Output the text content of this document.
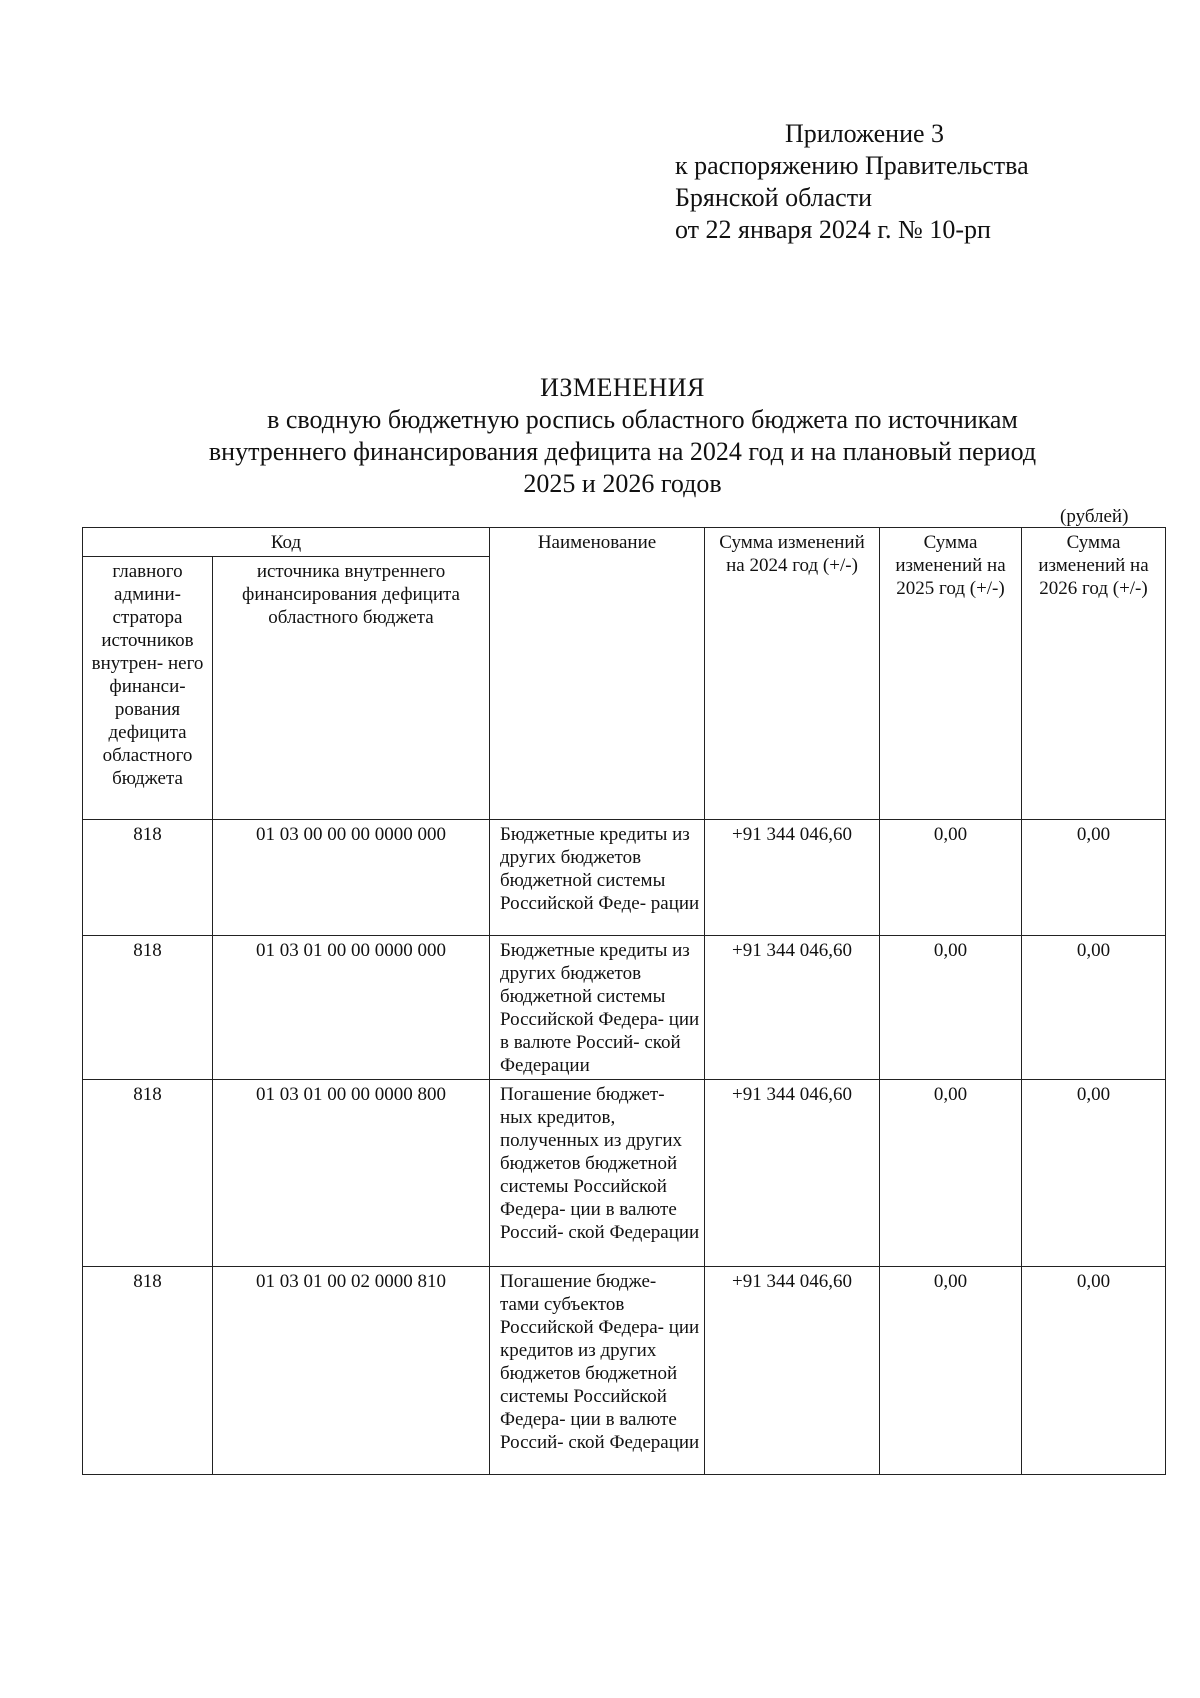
Приложение 3
к распоряжению Правительства
Брянской области
от 22 января 2024 г. № 10-рп
ИЗМЕНЕНИЯ
в сводную бюджетную роспись областного бюджета по источникам
внутреннего финансирования дефицита на 2024 год и на плановый период
2025 и 2026 годов
(рублей)
Код		Наименование	Сумма изменений на 2024 год (+/-)	Сумма изменений на 2025 год (+/-)	Сумма изменений на 2026 год (+/-)
главного админи- стратора источников внутрен- него финанси- рования дефицита областного бюджета	источника внутреннего финансирования дефицита областного бюджета				
818	01 03 00 00 00 0000 000	Бюджетные кредиты из других бюджетов бюджетной системы Российской Феде- рации	+91 344 046,60	0,00	0,00
818	01 03 01 00 00 0000 000	Бюджетные кредиты из других бюджетов бюджетной системы Российской Федера- ции в валюте Россий- ской Федерации	+91 344 046,60	0,00	0,00
818	01 03 01 00 00 0000 800	Погашение бюджет- ных кредитов, полученных из других бюджетов бюджетной системы Российской Федера- ции в валюте Россий- ской Федерации	+91 344 046,60	0,00	0,00
818	01 03 01 00 02 0000 810	Погашение бюдже- тами субъектов Российской Федера- ции кредитов из других бюджетов бюджетной системы Российской Федера- ции в валюте Россий- ской Федерации	+91 344 046,60	0,00	0,00
